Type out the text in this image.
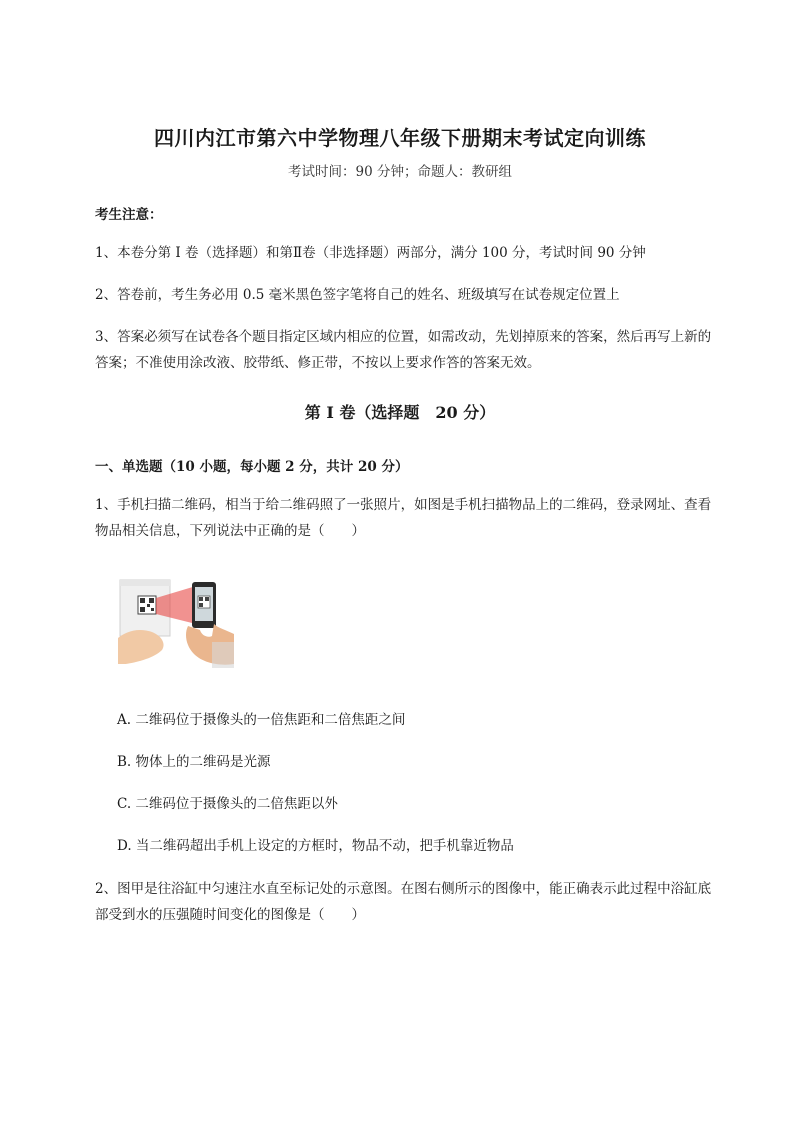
四川内江市第六中学物理八年级下册期末考试定向训练
考试时间：90 分钟；命题人：教研组
考生注意：
1、本卷分第 I 卷（选择题）和第Ⅱ卷（非选择题）两部分，满分 100 分，考试时间 90 分钟
2、答卷前，考生务必用 0.5 毫米黑色签字笔将自己的姓名、班级填写在试卷规定位置上
3、答案必须写在试卷各个题目指定区域内相应的位置，如需改动，先划掉原来的答案，然后再写上新的答案；不准使用涂改液、胶带纸、修正带，不按以上要求作答的答案无效。
第 I 卷（选择题　20 分）
一、单选题（10 小题，每小题 2 分，共计 20 分）
1、手机扫描二维码，相当于给二维码照了一张照片，如图是手机扫描物品上的二维码，登录网址、查看物品相关信息，下列说法中正确的是（　　）
A. 二维码位于摄像头的一倍焦距和二倍焦距之间
B. 物体上的二维码是光源
C. 二维码位于摄像头的二倍焦距以外
D. 当二维码超出手机上设定的方框时，物品不动，把手机靠近物品
2、图甲是往浴缸中匀速注水直至标记处的示意图。在图右侧所示的图像中，能正确表示此过程中浴缸底部受到水的压强随时间变化的图像是（　　）
